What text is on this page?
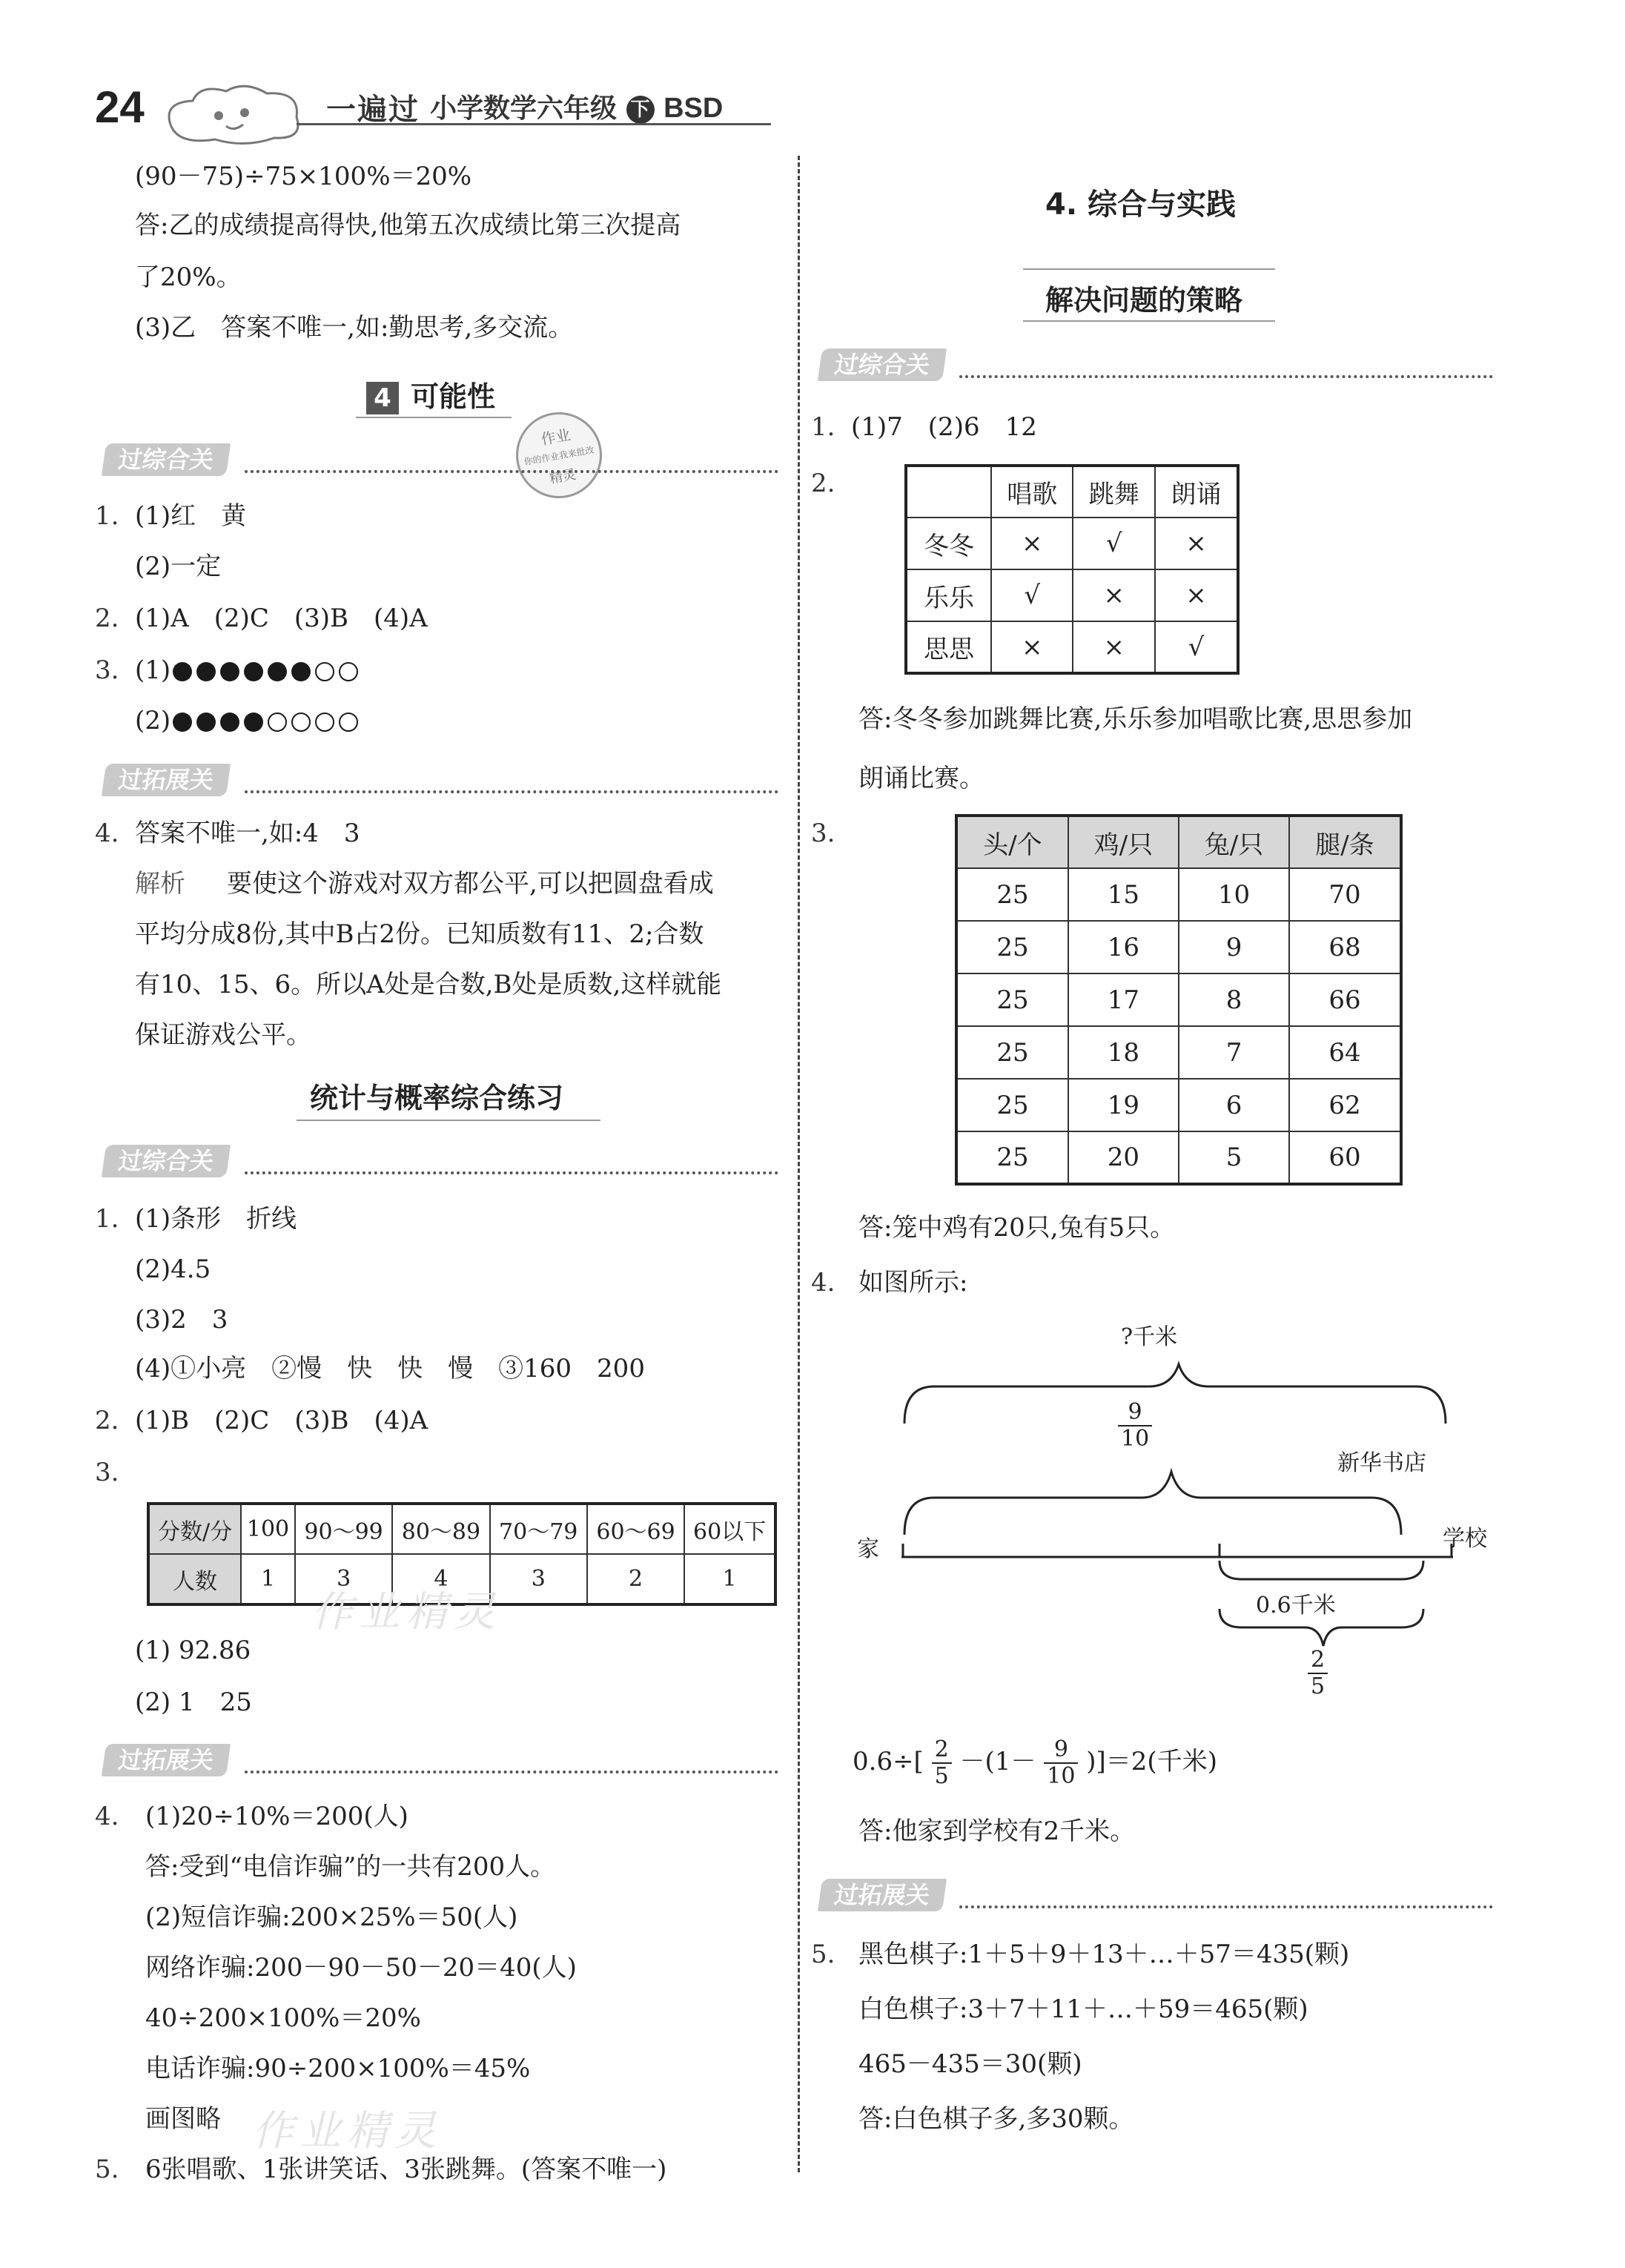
24	一遍过 小学数学六年级 下 BSD
(90－75)÷75×100%＝20%
答:乙的成绩提高得快,他第五次成绩比第三次提高
了20%。
(3)乙　答案不唯一,如:勤思考,多交流。
4 可能性
作业
你的作业我来批改
精灵
过综合关
1. (1)红　黄
(2)一定
2. (1)A　(2)C　(3)B　(4)A
3. (1)
(2)
过拓展关
4. 答案不唯一,如:4　3
解析 要使这个游戏对双方都公平,可以把圆盘看成
平均分成8份,其中B占2份。已知质数有11、2;合数
有10、15、6。所以A处是合数,B处是质数,这样就能
保证游戏公平。
统计与概率综合练习
过综合关
1. (1)条形　折线
(2)4.5
(3)2　3
(4)①小亮　②慢　快　快　慢　③160　200
2. (1)B　(2)C　(3)B　(4)A
3.
分数/分	100	90～99	80～89	70～79	60～69	60以下
人数	1	3	4	3	2	1
作业精灵
(1) 92.86
(2) 1　25
过拓展关
4. (1)20÷10%＝200(人)
答:受到“电信诈骗”的一共有200人。
(2)短信诈骗:200×25%＝50(人)
网络诈骗:200－90－50－20＝40(人)
40÷200×100%＝20%
电话诈骗:90÷200×100%＝45%
画图略 作业精灵
5. 6张唱歌、1张讲笑话、3张跳舞。(答案不唯一)
4. 综合与实践
解决问题的策略
过综合关
1. (1)7　(2)6　12
2.
		唱歌	跳舞	朗诵
冬冬	×	√	×
乐乐	√	×	×
思思	×	×	√
答:冬冬参加跳舞比赛,乐乐参加唱歌比赛,思思参加
朗诵比赛。
3.	头/个	鸡/只	兔/只	腿/条
25	15	10	70
25	16	9	68
25	17	8	66
25	18	7	64
25	19	6	62
25	20	5	60
答:笼中鸡有20只,兔有5只。
4. 如图所示:
?千米
$\frac{9}{10}$
新华书店
家	学校
0.6千米
$\frac{2}{5}$
$0.6\div[ \frac{2}{5} -(1- \frac{9}{10} )]=2$(千米)
答:他家到学校有2千米。
过拓展关
5. 黑色棋子:1＋5＋9＋13＋…＋57＝435(颗)
白色棋子:3＋7＋11＋…＋59＝465(颗)
465－435＝30(颗)
答:白色棋子多,多30颗。
